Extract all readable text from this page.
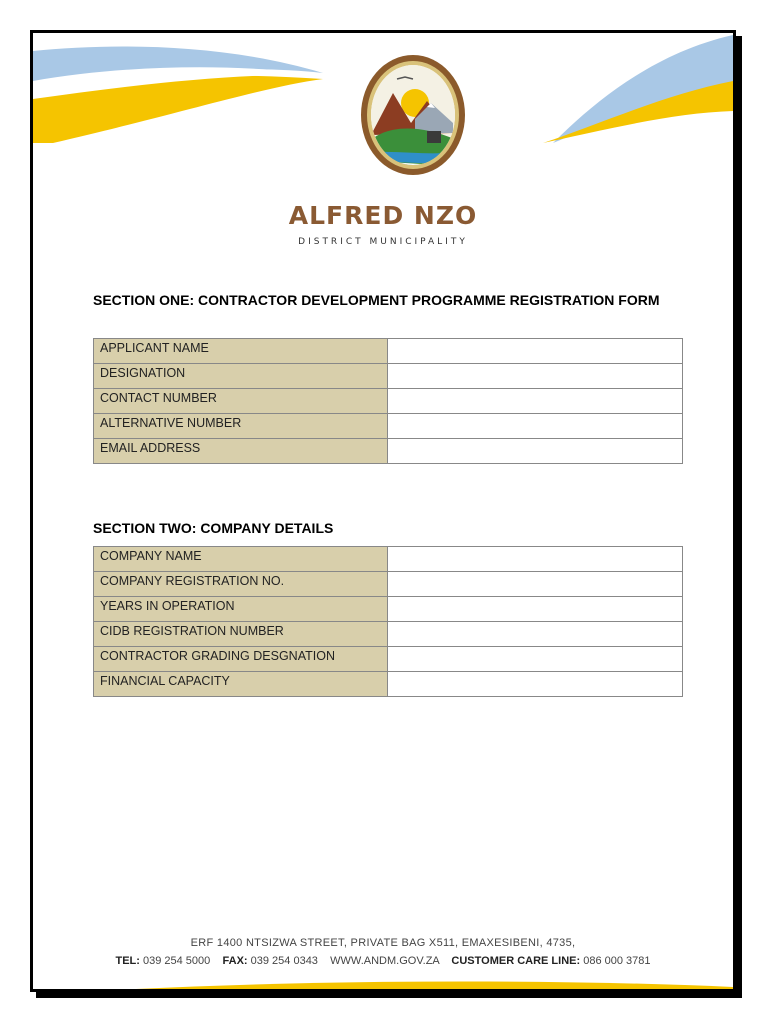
ALFRED NZO
DISTRICT MUNICIPALITY
SECTION ONE: CONTRACTOR DEVELOPMENT PROGRAMME REGISTRATION FORM
APPLICANT NAME	
DESIGNATION	
CONTACT NUMBER	
ALTERNATIVE NUMBER	
EMAIL ADDRESS	
SECTION TWO: COMPANY DETAILS
COMPANY NAME	
COMPANY REGISTRATION NO.	
YEARS IN OPERATION	
CIDB REGISTRATION NUMBER	
CONTRACTOR GRADING DESGNATION	
FINANCIAL CAPACITY	
ERF 1400 NTSIZWA STREET, PRIVATE BAG X511, EMAXESIBENI, 4735,
TEL: 039 254 5000 FAX: 039 254 0343 WWW.ANDM.GOV.ZA CUSTOMER CARE LINE: 086 000 3781
